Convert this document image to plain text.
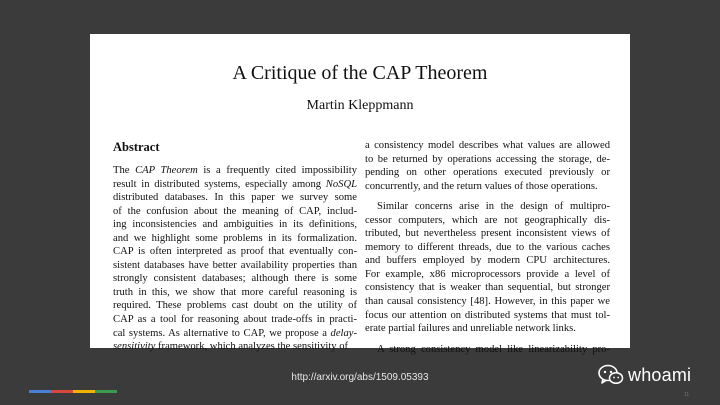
A Critique of the CAP Theorem
Martin Kleppmann
Abstract
The CAP Theorem is a frequently cited impossibility
result in distributed systems, especially among NoSQL
distributed databases. In this paper we survey some
of the confusion about the meaning of CAP, includ-
ing inconsistencies and ambiguities in its definitions,
and we highlight some problems in its formalization.
CAP is often interpreted as proof that eventually con-
sistent databases have better availability properties than
strongly consistent databases; although there is some
truth in this, we show that more careful reasoning is
required. These problems cast doubt on the utility of
CAP as a tool for reasoning about trade-offs in practi-
cal systems. As alternative to CAP, we propose a delay-
sensitivity framework, which analyzes the sensitivity of
a consistency model describes what values are allowed
to be returned by operations accessing the storage, de-
pending on other operations executed previously or
concurrently, and the return values of those operations.
Similar concerns arise in the design of multipro-
cessor computers, which are not geographically dis-
tributed, but nevertheless present inconsistent views of
memory to different threads, due to the various caches
and buffers employed by modern CPU architectures.
For example, x86 microprocessors provide a level of
consistency that is weaker than sequential, but stronger
than causal consistency [48]. However, in this paper we
focus our attention on distributed systems that must tol-
erate partial failures and unreliable network links.
A strong consistency model like linearizability pro-
http://arxiv.org/abs/1509.05393	whoami
11
